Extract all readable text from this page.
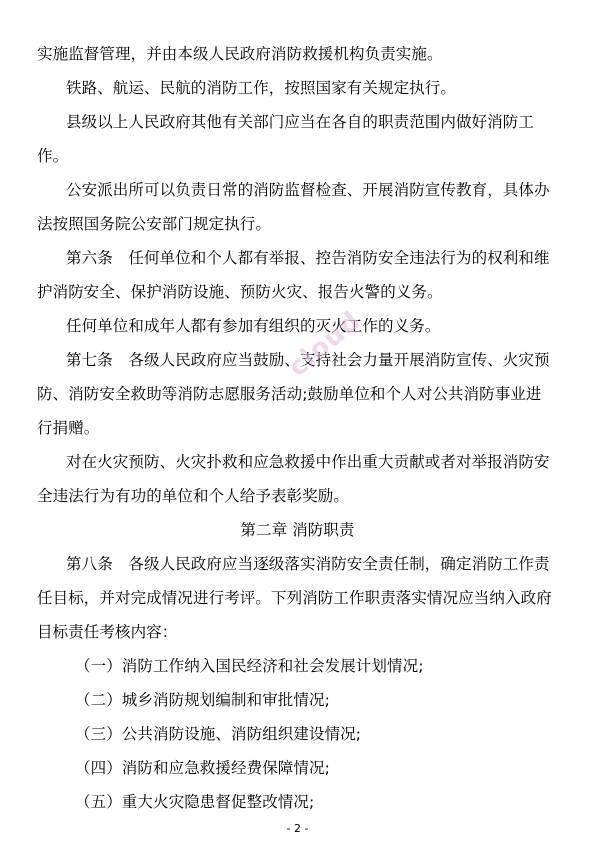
实施监督管理，并由本级人民政府消防救援机构负责实施。
铁路、航运、民航的消防工作，按照国家有关规定执行。
县级以上人民政府其他有关部门应当在各自的职责范围内做好消防工
作。
公安派出所可以负责日常的消防监督检查、开展消防宣传教育，具体办
法按照国务院公安部门规定执行。
第六条　任何单位和个人都有举报、控告消防安全违法行为的权利和维
护消防安全、保护消防设施、预防火灾、报告火警的义务。
任何单位和成年人都有参加有组织的灭火工作的义务。
第七条　各级人民政府应当鼓励、支持社会力量开展消防宣传、火灾预
防、消防安全救助等消防志愿服务活动;鼓励单位和个人对公共消防事业进
行捐赠。
对在火灾预防、火灾扑救和应急救援中作出重大贡献或者对举报消防安
全违法行为有功的单位和个人给予表彰奖励。
第二章 消防职责
第八条　各级人民政府应当逐级落实消防安全责任制，确定消防工作责
任目标，并对完成情况进行考评。下列消防工作职责落实情况应当纳入政府
目标责任考核内容：
（一）消防工作纳入国民经济和社会发展计划情况;
（二）城乡消防规划编制和审批情况;
（三）公共消防设施、消防组织建设情况;
（四）消防和应急救援经费保障情况;
（五）重大火灾隐患督促整改情况;
cloud
- 2 -
